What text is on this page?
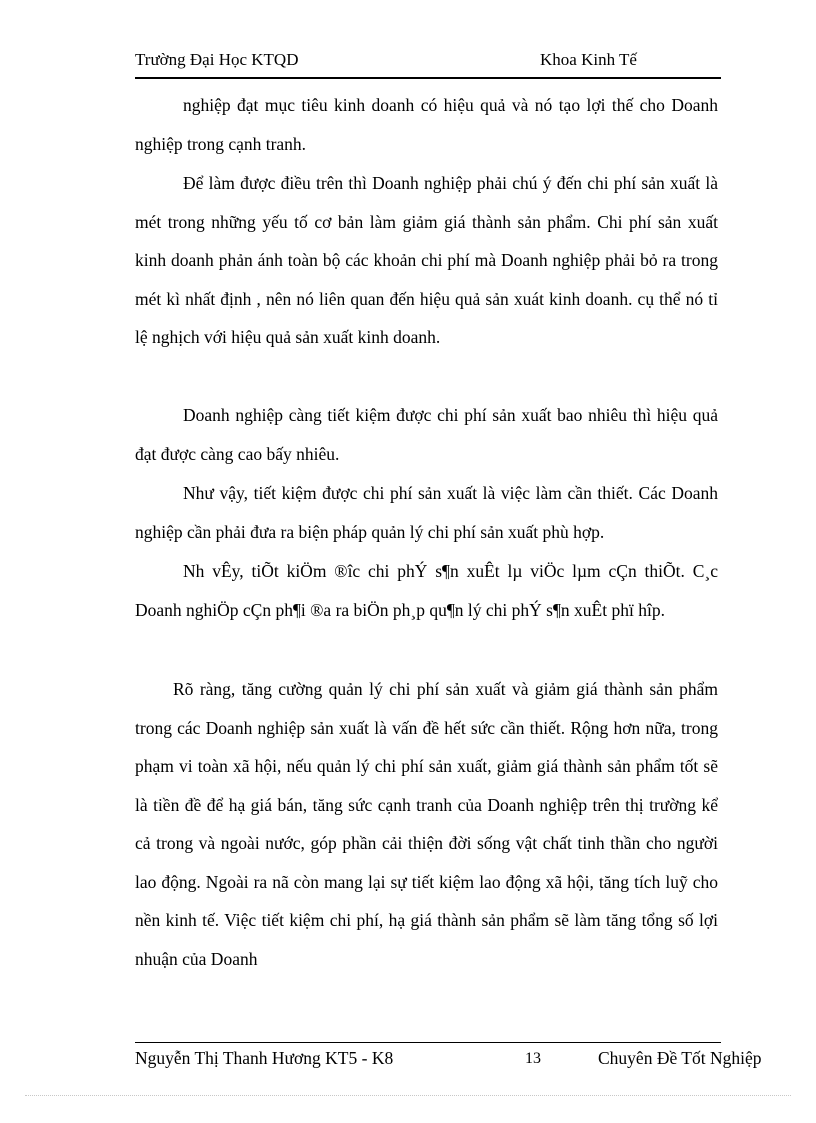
Trường Đại Học KTQD	Khoa Kinh Tế

nghiệp đạt mục tiêu kinh doanh có hiệu quả và nó tạo lợi thế cho Doanh nghiệp trong cạnh tranh.

Để làm được điều trên thì Doanh nghiệp phải chú ý đến chi phí sản xuất là mét trong những yếu tố cơ bản làm giảm giá thành sản phẩm. Chi phí sản xuất kinh doanh phản ánh toàn bộ các khoản chi phí mà Doanh nghiệp phải bỏ ra trong mét kì nhất định , nên nó liên quan đến hiệu quả sản xuát kinh doanh. cụ thể nó tỉ lệ nghịch với hiệu quả sản xuất kinh doanh.

Doanh nghiệp càng tiết kiệm được chi phí sản xuất bao nhiêu thì hiệu quả đạt được càng cao bấy nhiêu.

Như vậy, tiết kiệm được chi phí sản xuất là việc làm cần thiết. Các Doanh nghiệp cần phải đưa ra biện pháp quản lý chi phí sản xuất phù hợp.

Nh vÊy, tiÕt kiÖm ®îc chi phÝ s¶n xuÊt lµ viÖc lµm cÇn thiÕt. C¸c Doanh nghiÖp cÇn ph¶i ®a ra biÖn ph¸p qu¶n lý chi phÝ s¶n xuÊt phï hîp.

Rõ ràng, tăng cường quản lý chi phí sản xuất và giảm giá thành sản phẩm trong các Doanh nghiệp sản xuất là vấn đề hết sức cần thiết. Rộng hơn nữa, trong phạm vi toàn xã hội, nếu quản lý chi phí sản xuất, giảm giá thành sản phẩm tốt sẽ là tiền đề để hạ giá bán, tăng sức cạnh tranh của Doanh nghiệp trên thị trường kể cả trong và ngoài nước, góp phần cải thiện đời sống vật chất tinh thần cho người lao động. Ngoài ra nã còn mang lại sự tiết kiệm lao động xã hội, tăng tích luỹ cho nền kinh tế. Việc tiết kiệm chi phí, hạ giá thành sản phẩm sẽ làm tăng tổng số lợi nhuận của Doanh

Nguyễn Thị Thanh Hương KT5 - K8	13	Chuyên Đề Tốt Nghiệp
